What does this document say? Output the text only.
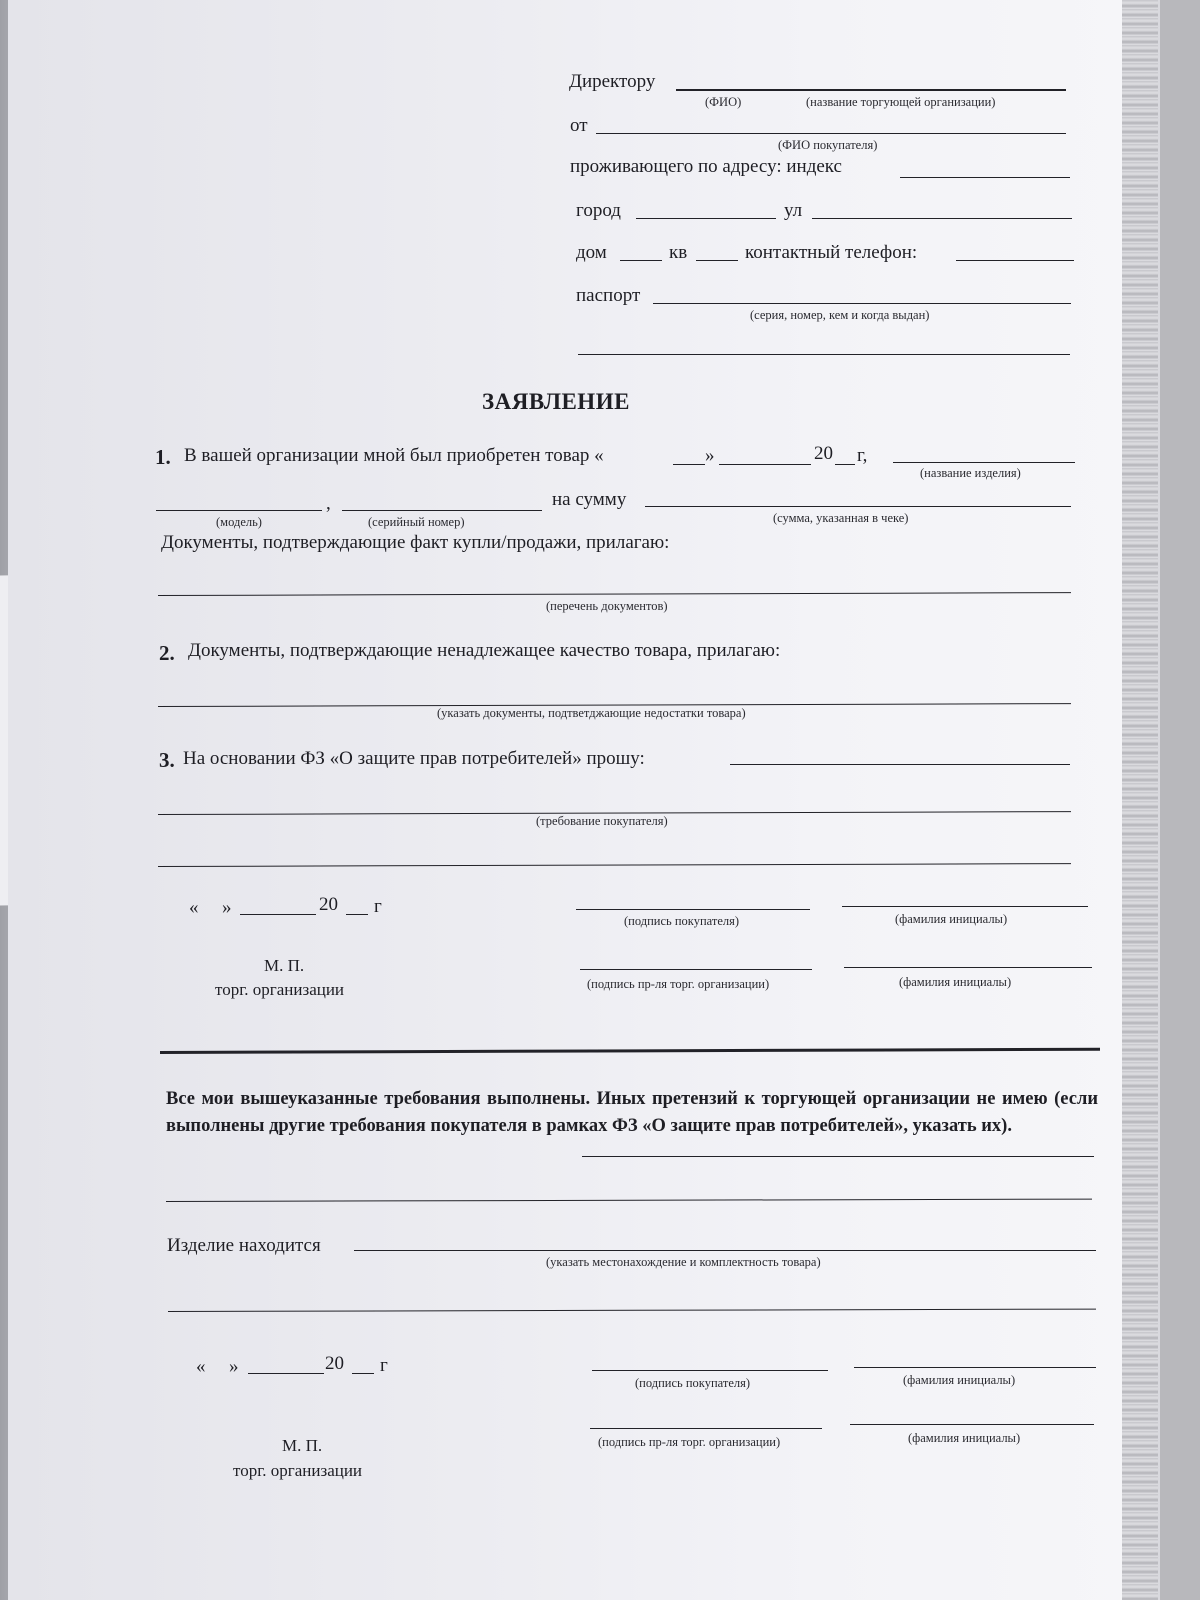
Директору
(ФИО)	(название торгующей организации)
от
(ФИО покупателя)
проживающего по адресу: индекс
город	ул
дом	кв	контактный телефон:
паспорт
(серия, номер, кем и когда выдан)
ЗАЯВЛЕНИЕ
1. В вашей организации мной был приобретен товар «	»	20 г,
(название изделия)
,	на сумму
(модель)	(серийный номер)	(сумма, указанная в чеке)
Документы, подтверждающие факт купли/продажи, прилагаю:
(перечень документов)
2. Документы, подтверждающие ненадлежащее качество товара, прилагаю:
(указать документы, подтветджающие недостатки товара)
3. На основании ФЗ «О защите прав потребителей» прошу:
(требование покупателя)
« »	20 г
(подпись покупателя)	(фамилия инициалы)
М. П.
торг. организации	(подпись пр-ля торг. организации)	(фамилия инициалы)
Все мои вышеуказанные требования выполнены. Иных претензий к торгующей организации не имею (если выполнены другие требования покупателя в рамках ФЗ «О защите прав потребителей», указать их).
Изделие находится
(указать местонахождение и комплектность товара)
« »	20 г
(подпись покупателя)	(фамилия инициалы)
М. П.
торг. организации
(подпись пр-ля торг. организации)	(фамилия инициалы)
